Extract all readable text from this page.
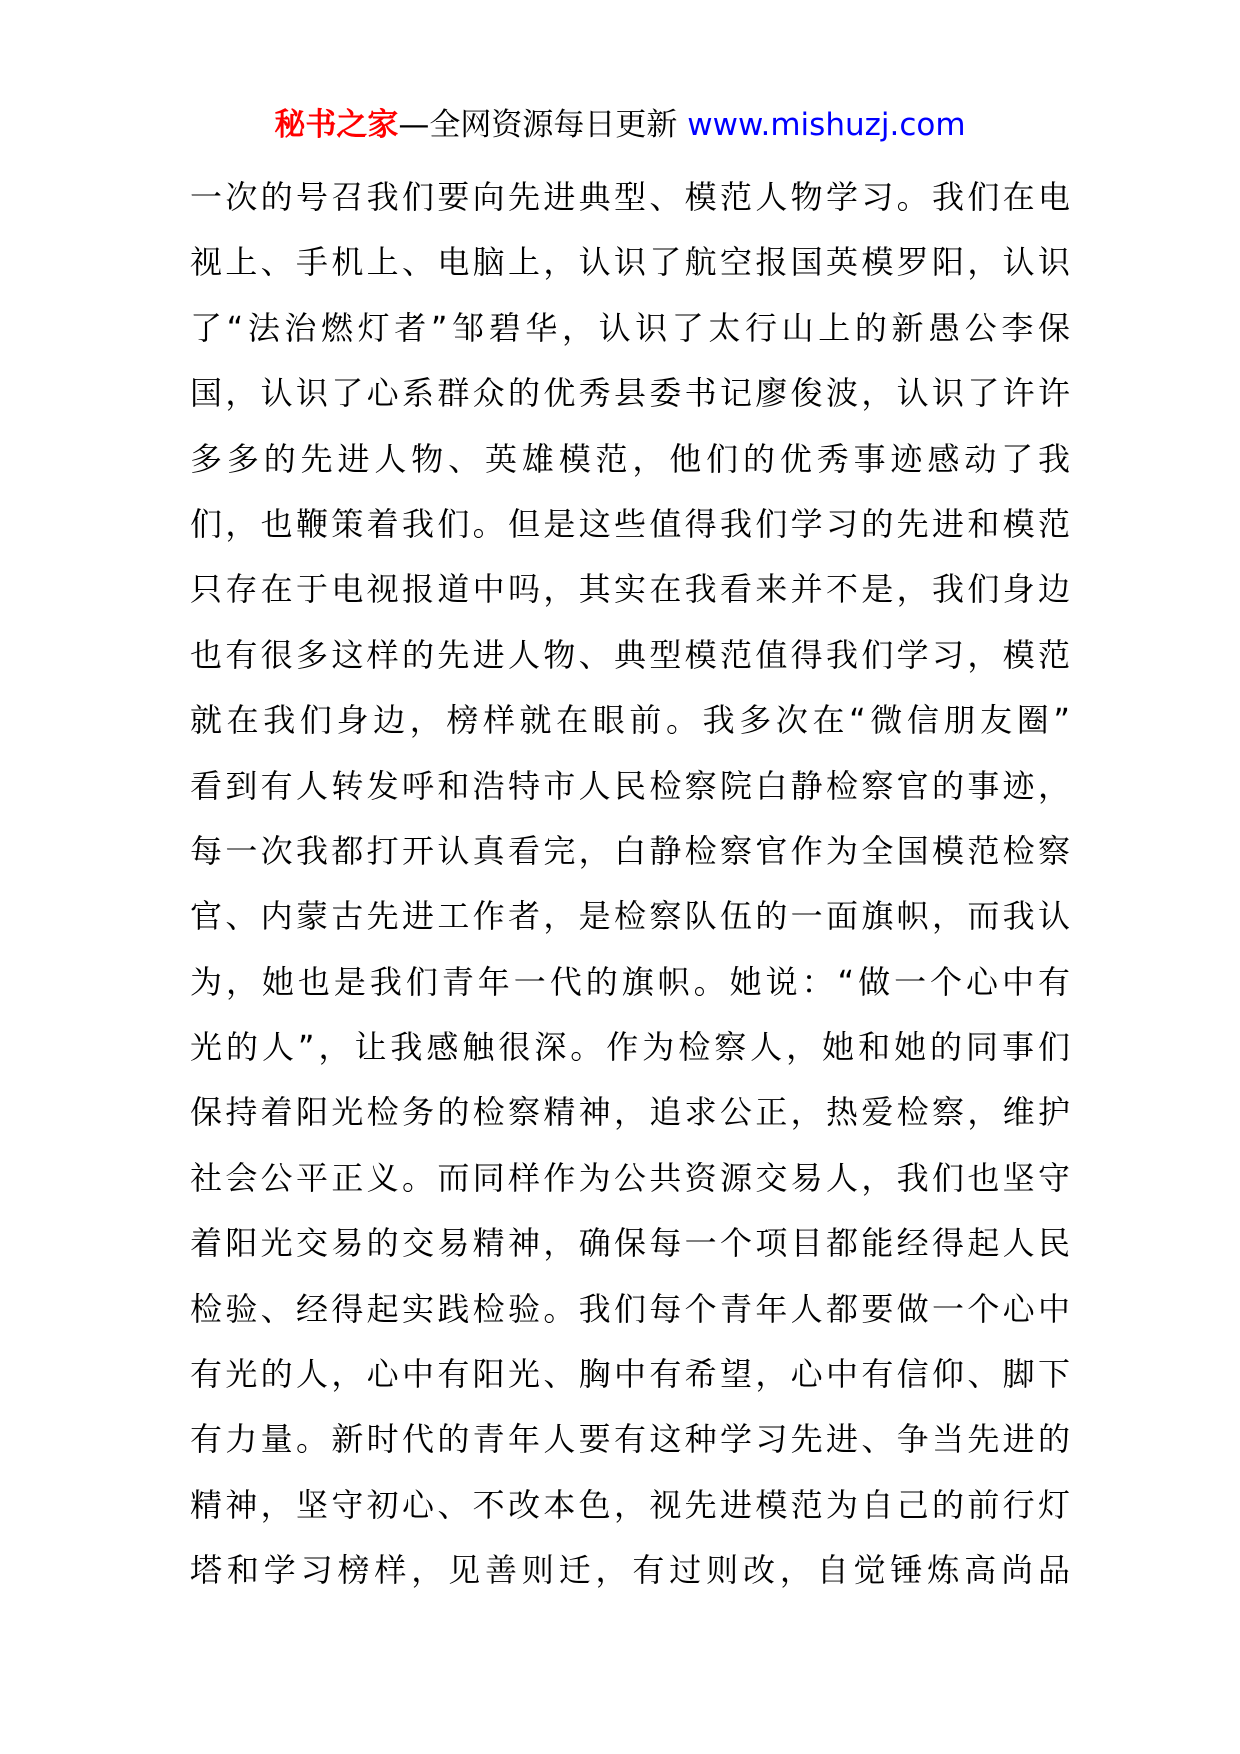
秘书之家—全网资源每日更新 www.mishuzj.com
一次的号召我们要向先进典型、模范人物学习。我们在电
视上、手机上、电脑上，认识了航空报国英模罗阳，认识
了“法治燃灯者”邹碧华，认识了太行山上的新愚公李保
国，认识了心系群众的优秀县委书记廖俊波，认识了许许
多多的先进人物、英雄模范，他们的优秀事迹感动了我
们，也鞭策着我们。但是这些值得我们学习的先进和模范
只存在于电视报道中吗，其实在我看来并不是，我们身边
也有很多这样的先进人物、典型模范值得我们学习，模范
就在我们身边，榜样就在眼前。我多次在“微信朋友圈”
看到有人转发呼和浩特市人民检察院白静检察官的事迹，
每一次我都打开认真看完，白静检察官作为全国模范检察
官、内蒙古先进工作者，是检察队伍的一面旗帜，而我认
为，她也是我们青年一代的旗帜。她说：“做一个心中有
光的人”，让我感触很深。作为检察人，她和她的同事们
保持着阳光检务的检察精神，追求公正，热爱检察，维护
社会公平正义。而同样作为公共资源交易人，我们也坚守
着阳光交易的交易精神，确保每一个项目都能经得起人民
检验、经得起实践检验。我们每个青年人都要做一个心中
有光的人，心中有阳光、胸中有希望，心中有信仰、脚下
有力量。新时代的青年人要有这种学习先进、争当先进的
精神，坚守初心、不改本色，视先进模范为自己的前行灯
塔和学习榜样，见善则迁，有过则改，自觉锤炼高尚品
